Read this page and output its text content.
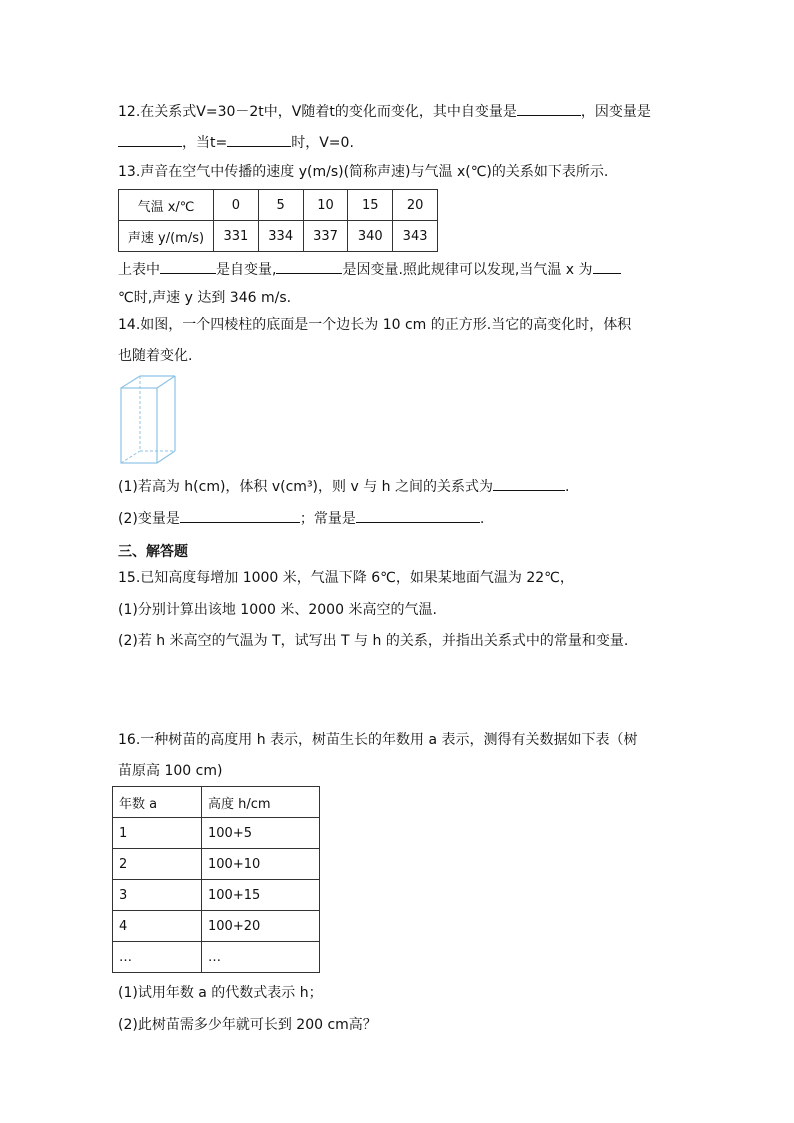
12.在关系式V=30－2t中，V随着t的变化而变化，其中自变量是	，因变量是
，当t=	时，V=0.
13.声音在空气中传播的速度 y(m/s)(简称声速)与气温 x(℃)的关系如下表所示.
气温 x/℃	0	5	10	15	20
声速 y/(m/s)	331	334	337	340	343
上表中	是自变量,	是因变量.照此规律可以发现,当气温 x 为
℃时,声速 y 达到 346 m/s.
14.如图，一个四棱柱的底面是一个边长为 10 cm 的正方形.当它的高变化时，体积
也随着变化.
(1)若高为 h(cm)，体积 v(cm³)，则 v 与 h 之间的关系式为	.
(2)变量是	；常量是	.
三、解答题
15.已知高度每增加 1000 米，气温下降 6℃，如果某地面气温为 22℃，
(1)分别计算出该地 1000 米、2000 米高空的气温.
(2)若 h 米高空的气温为 T，试写出 T 与 h 的关系，并指出关系式中的常量和变量.
16.一种树苗的高度用 h 表示，树苗生长的年数用 a 表示，测得有关数据如下表（树
苗原高 100 cm)
年数 a	高度 h/cm
1	100+5
2	100+10
3	100+15
4	100+20
…	…
(1)试用年数 a 的代数式表示 h；
(2)此树苗需多少年就可长到 200 cm高？
